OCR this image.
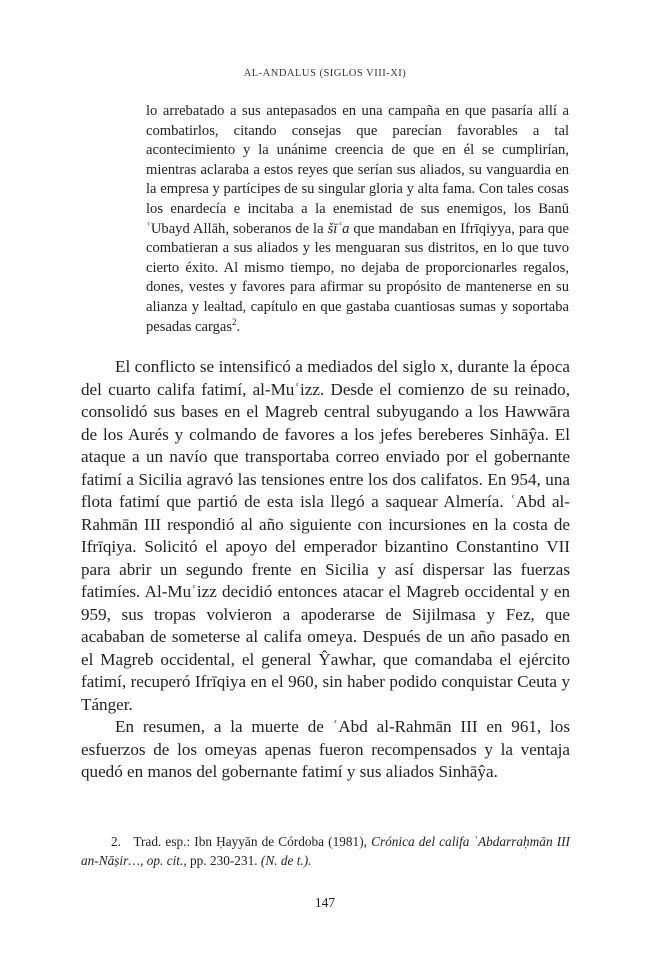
AL-ANDALUS (SIGLOS VIII-XI)
lo arrebatado a sus antepasados en una campaña en que pasaría allí a combatirlos, citando consejas que parecían favorables a tal acontecimiento y la unánime creencia de que en él se cumplirían, mientras aclaraba a estos reyes que serían sus aliados, su vanguardia en la empresa y partícipes de su singular gloria y alta fama. Con tales cosas los enardecía e incitaba a la enemistad de sus enemigos, los Banū ʿUbayd Allāh, soberanos de la šīʿa que mandaban en Ifrīqiyya, para que combatieran a sus aliados y les menguaran sus distritos, en lo que tuvo cierto éxito. Al mismo tiempo, no dejaba de proporcionarles regalos, dones, vestes y favores para afirmar su propósito de mantenerse en su alianza y lealtad, capítulo en que gastaba cuantiosas sumas y soportaba pesadas cargas$^2$.

El conflicto se intensificó a mediados del siglo x, durante la época del cuarto califa fatimí, al-Muʿizz. Desde el comienzo de su reinado, consolidó sus bases en el Magreb central subyugando a los Hawwāra de los Aurés y colmando de favores a los jefes bereberes Sinhāŷa. El ataque a un navío que transportaba correo enviado por el gobernante fatimí a Sicilia agravó las tensiones entre los dos califatos. En 954, una flota fatimí que partió de esta isla llegó a saquear Almería. ʿAbd al-Rahmān III respondió al año siguiente con incursiones en la costa de Ifrīqiya. Solicitó el apoyo del emperador bizantino Constantino VII para abrir un segundo frente en Sicilia y así dispersar las fuerzas fatimíes. Al-Muʿizz decidió entonces atacar el Magreb occidental y en 959, sus tropas volvieron a apoderarse de Sijilmasa y Fez, que acababan de someterse al califa omeya. Después de un año pasado en el Magreb occidental, el general Ŷawhar, que comandaba el ejército fatimí, recuperó Ifrīqiya en el 960, sin haber podido conquistar Ceuta y Tánger.

En resumen, a la muerte de ʿAbd al-Rahmān III en 961, los esfuerzos de los omeyas apenas fueron recompensados y la ventaja quedó en manos del gobernante fatimí y sus aliados Sinhāŷa.

2. Trad. esp.: Ibn Ḥayyān de Córdoba (1981), Crónica del califa ʿAbdarraḥmān III an-Nāṣir…, op. cit., pp. 230-231. (N. de t.).
147
